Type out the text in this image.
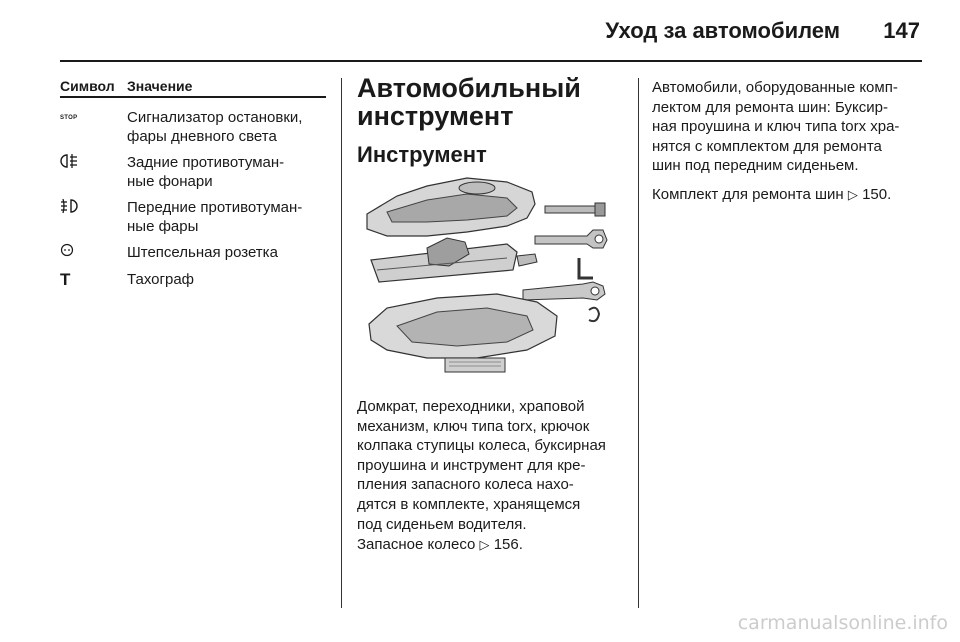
Уход за автомобилем 147
Символ Значение
$^{STOP}$	Сигнализатор остановки,
фары дневного света
Задние противотуман-
ные фонари
Передние противотуман-
ные фары
Штепсельная розетка
T	Тахограф
Автомобильный
инструмент
Инструмент
Домкрат, переходники, храповой
механизм, ключ типа torx, крючок
колпака ступицы колеса, буксирная
проушина и инструмент для кре-
пления запасного колеса нахо-
дятся в комплекте, хранящемся
под сиденьем водителя.
Запасное колесо ▷ 156.
Автомобили, оборудованные комп-
лектом для ремонта шин: Буксир-
ная проушина и ключ типа torx хра-
нятся с комплектом для ремонта
шин под передним сиденьем.
Комплект для ремонта шин ▷ 150.
carmanualsonline.info
